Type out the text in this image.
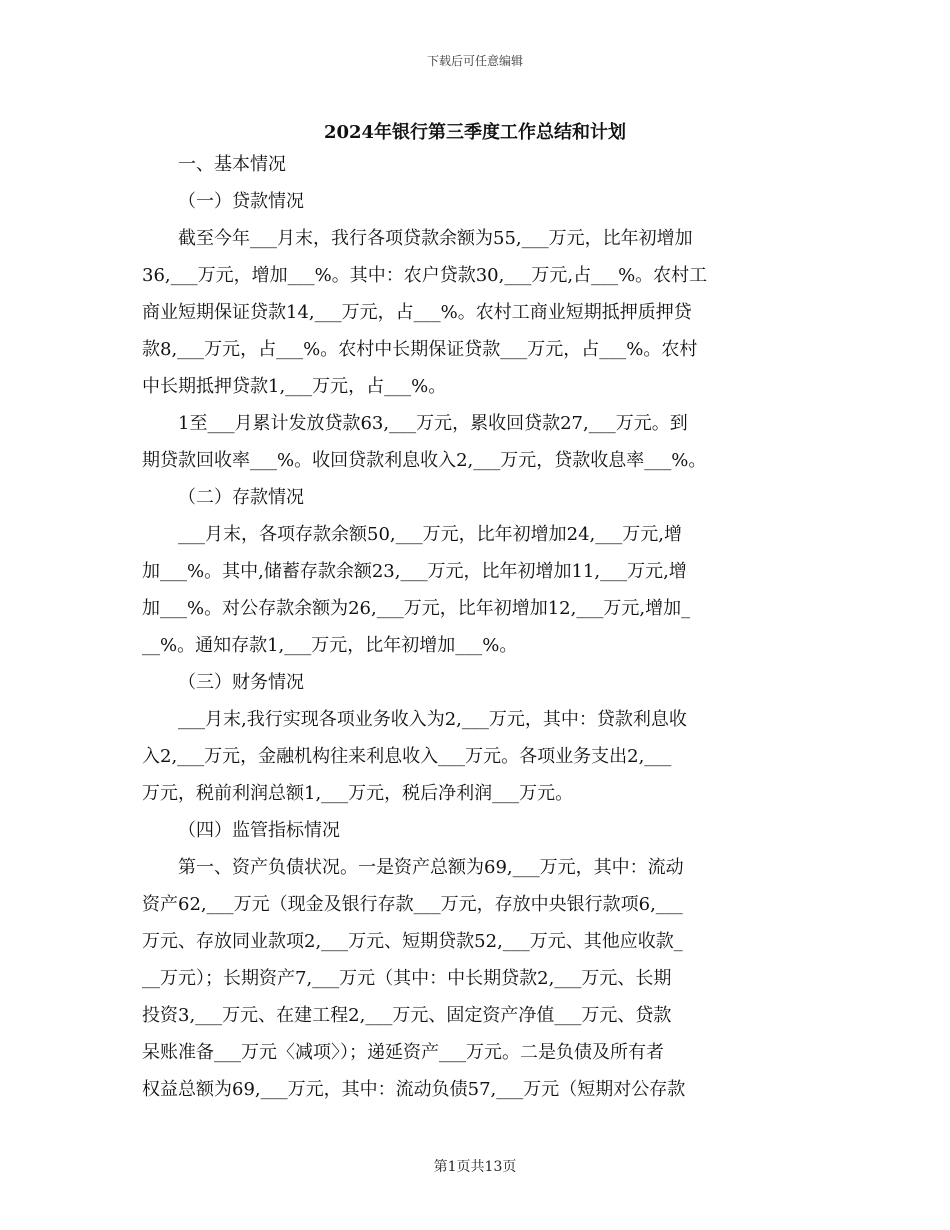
下载后可任意编辑
2024年银行第三季度工作总结和计划

一、基本情况

（一）贷款情况

截至今年___月末，我行各项贷款余额为55,___万元，比年初增加
36,___万元，增加___%。其中：农户贷款30,___万元,占___%。农村工
商业短期保证贷款14,___万元，占___%。农村工商业短期抵押质押贷
款8,___万元，占___%。农村中长期保证贷款___万元，占___%。农村
中长期抵押贷款1,___万元，占___%。

1至___月累计发放贷款63,___万元，累收回贷款27,___万元。到
期贷款回收率___%。收回贷款利息收入2,___万元，贷款收息率___%。

（二）存款情况

___月末，各项存款余额50,___万元，比年初增加24,___万元,增
加___%。其中,储蓄存款余额23,___万元，比年初增加11,___万元,增
加___%。对公存款余额为26,___万元，比年初增加12,___万元,增加_
__%。通知存款1,___万元，比年初增加___%。

（三）财务情况

___月末,我行实现各项业务收入为2,___万元，其中：贷款利息收
入2,___万元，金融机构往来利息收入___万元。各项业务支出2,___
万元，税前利润总额1,___万元，税后净利润___万元。

（四）监管指标情况

第一、资产负债状况。一是资产总额为69,___万元，其中：流动
资产62,___万元（现金及银行存款___万元，存放中央银行款项6,___
万元、存放同业款项2,___万元、短期贷款52,___万元、其他应收款_
__万元）；长期资产7,___万元（其中：中长期贷款2,___万元、长期
投资3,___万元、在建工程2,___万元、固定资产净值___万元、贷款
呆账准备___万元〈减项〉）；递延资产___万元。二是负债及所有者
权益总额为69,___万元，其中：流动负债57,___万元（短期对公存款

第1页共13页
